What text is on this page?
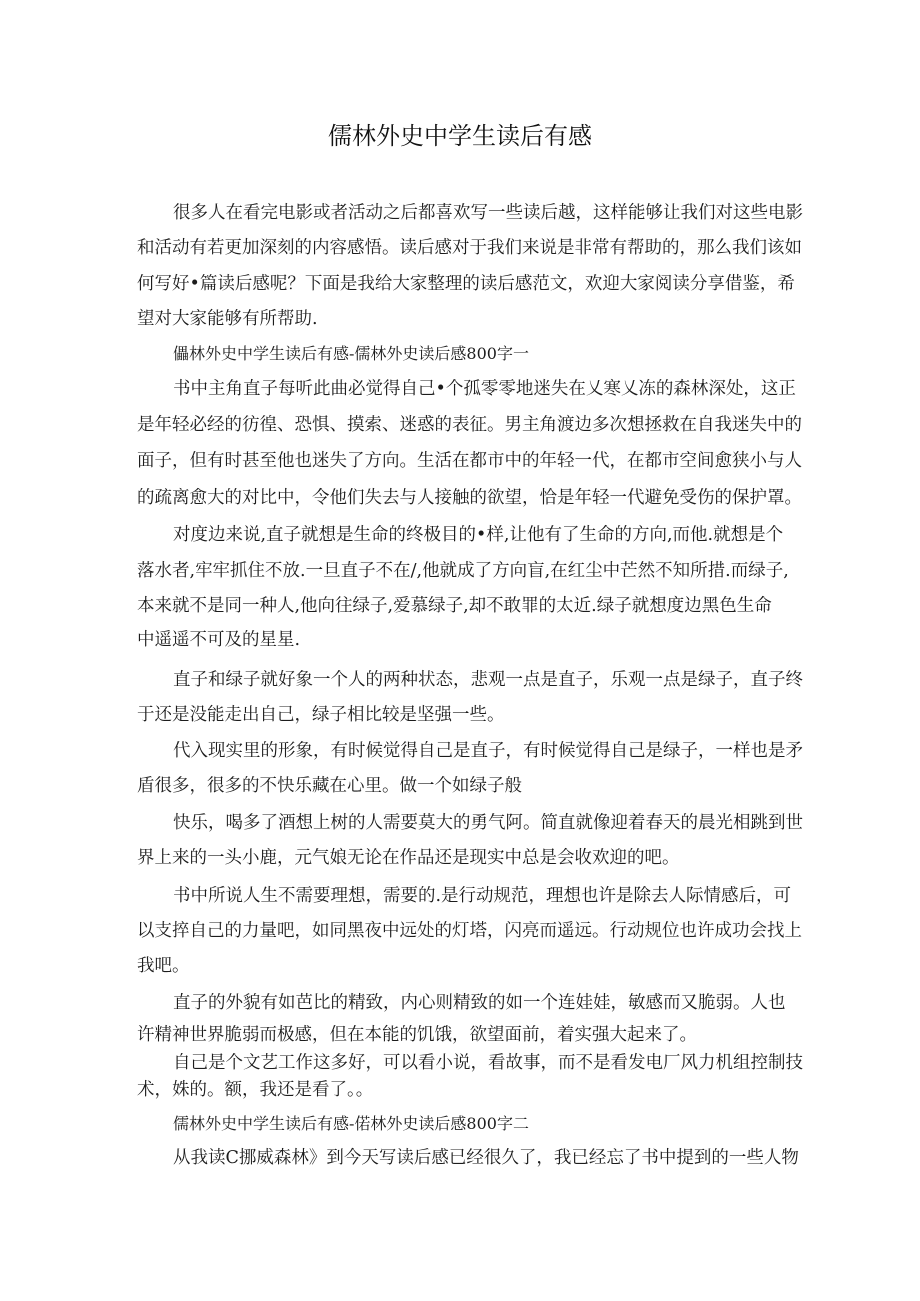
儒林外史中学生读后有感
很多人在看完电影或者活动之后都喜欢写一些读后越，这样能够让我们对这些电影
和活动有若更加深刻的内容感悟。读后感对于我们来说是非常有帮助的，那么我们该如
何写好•篇读后感呢？下面是我给大家整理的读后感范文，欢迎大家阅读分享借鉴，希
望对大家能够有所帮助.
儡林外史中学生读后有感-儒林外史读后感800字一
书中主角直子每听此曲必觉得自己•个孤零零地迷失在乂寒乂冻的森林深处，这正
是年轻必经的彷徨、恐惧、摸索、迷惑的表征。男主角渡边多次想拯救在自我迷失中的
面子，但有时甚至他也迷失了方向。生活在都市中的年轻一代，在都市空间愈狭小与人
的疏离愈大的对比中，令他们失去与人接触的欲望，恰是年轻一代避免受伤的保护罩。
对度边来说,直子就想是生命的终极目的•样,让他有了生命的方向,而他.就想是个
落水者,牢牢抓住不放.一旦直子不在/,他就成了方向盲,在红尘中芒然不知所措.而绿子,
本来就不是同一种人,他向往绿子,爱慕绿子,却不敢罪的太近.绿子就想度边黑色生命
中遥遥不可及的星星.
直子和绿子就好象一个人的两种状态，悲观一点是直子，乐观一点是绿子，直子终
于还是没能走出自己，绿子相比较是坚强一些。
代入现实里的形象，有时候觉得自己是直子，有时候觉得自己是绿子，一样也是矛
盾很多，很多的不快乐藏在心里。做一个如绿子般
快乐，喝多了酒想上树的人需要莫大的勇气阿。简直就像迎着春天的晨光相跳到世
界上来的一头小鹿，元气娘无论在作品还是现实中总是会收欢迎的吧。
书中所说人生不需要理想，需要的.是行动规范，理想也许是除去人际情感后，可
以支捽自己的力量吧，如同黑夜中远处的灯塔，闪亮而遥远。行动规位也许成功会找上
我吧。
直子的外貌有如芭比的精致，内心则精致的如一个连娃娃，敏感而又脆弱。人也
许精神世界脆弱而极感，但在本能的饥饿，欲望面前，着实强大起来了。
自己是个文艺工作这多好，可以看小说，看故事，而不是看发电厂风力机组控制技
术，姝的。额，我还是看了。。
儒林外史中学生读后有感-偌林外史读后感800字二
从我读C挪威森林》到今天写读后感已经很久了，我已经忘了书中提到的一些人物
